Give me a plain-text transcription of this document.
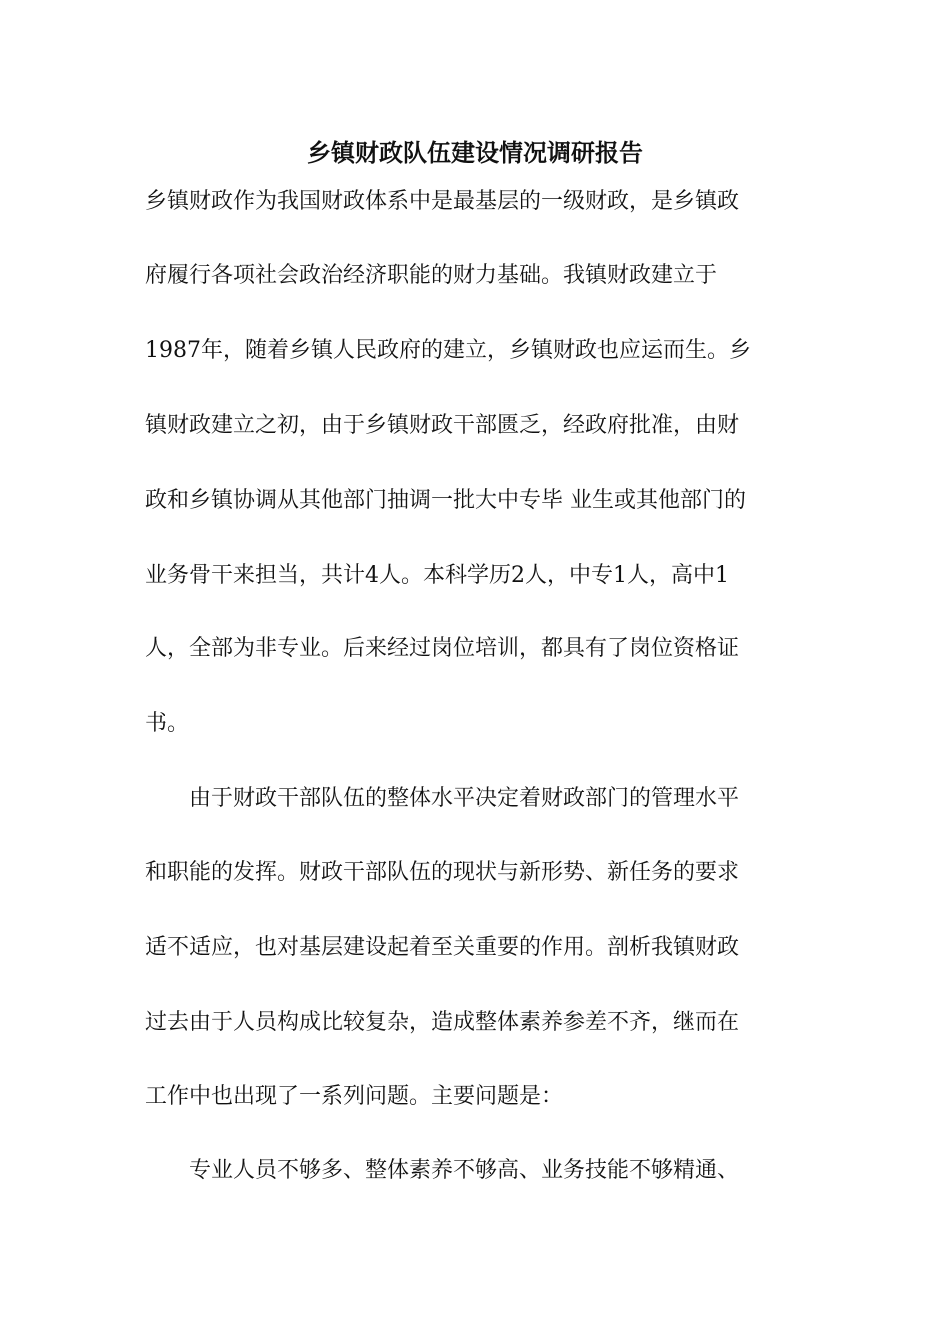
乡镇财政队伍建设情况调研报告

乡镇财政作为我国财政体系中是最基层的一级财政，是乡镇政

府履行各项社会政治经济职能的财力基础。我镇财政建立于

1987年，随着乡镇人民政府的建立，乡镇财政也应运而生。乡

镇财政建立之初，由于乡镇财政干部匮乏，经政府批准，由财

政和乡镇协调从其他部门抽调一批大中专毕 业生或其他部门的

业务骨干来担当，共计4人。本科学历2人，中专1人，高中1

人，全部为非专业。后来经过岗位培训，都具有了岗位资格证

书。

　　由于财政干部队伍的整体水平决定着财政部门的管理水平

和职能的发挥。财政干部队伍的现状与新形势、新任务的要求

适不适应，也对基层建设起着至关重要的作用。剖析我镇财政

过去由于人员构成比较复杂，造成整体素养参差不齐，继而在

工作中也出现了一系列问题。主要问题是：

　　专业人员不够多、整体素养不够高、业务技能不够精通、
